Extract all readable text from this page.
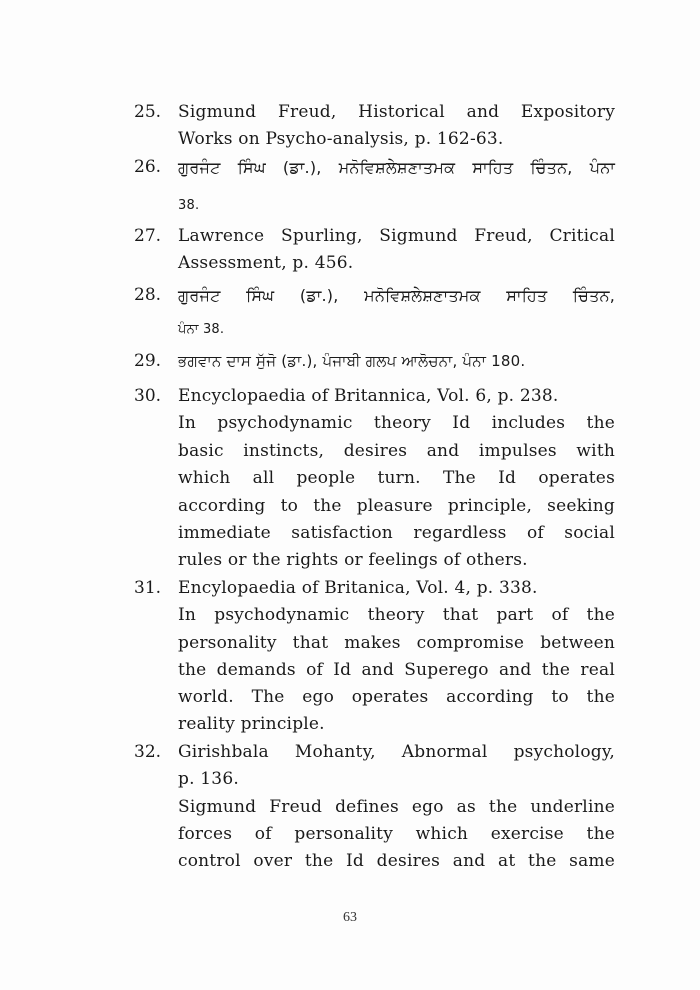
25. Sigmund Freud, Historical and Expository
Works on Psycho-analysis, p. 162-63.
26. ਗੁਰਜੰਟ ਸਿੰਘ (ਡਾ.), ਮਨੋਵਿਸ਼ਲੇਸ਼ਣਾਤਮਕ ਸਾਹਿਤ ਚਿੰਤਨ, ਪੰਨਾ
38.
27. Lawrence Spurling, Sigmund Freud, Critical
Assessment, p. 456.
28. ਗੁਰਜੰਟ ਸਿੰਘ (ਡਾ.), ਮਨੋਵਿਸ਼ਲੇਸ਼ਣਾਤਮਕ ਸਾਹਿਤ ਚਿੰਤਨ,
ਪੰਨਾ 38.
29. ਭਗਵਾਨ ਦਾਸ ਸੁੱਜੋ (ਡਾ.), ਪੰਜਾਬੀ ਗਲਪ ਆਲੋਚਨਾ, ਪੰਨਾ 180.
30. Encyclopaedia of Britannica, Vol. 6, p. 238.
In psychodynamic theory Id includes the
basic instincts, desires and impulses with
which all people turn. The Id operates
according to the pleasure principle, seeking
immediate satisfaction regardless of social
rules or the rights or feelings of others.
31. Encylopaedia of Britanica, Vol. 4, p. 338.
In psychodynamic theory that part of the
personality that makes compromise between
the demands of Id and Superego and the real
world. The ego operates according to the
reality principle.
32. Girishbala Mohanty, Abnormal psychology,
p. 136.
Sigmund Freud defines ego as the underline
forces of personality which exercise the
control over the Id desires and at the same
63
